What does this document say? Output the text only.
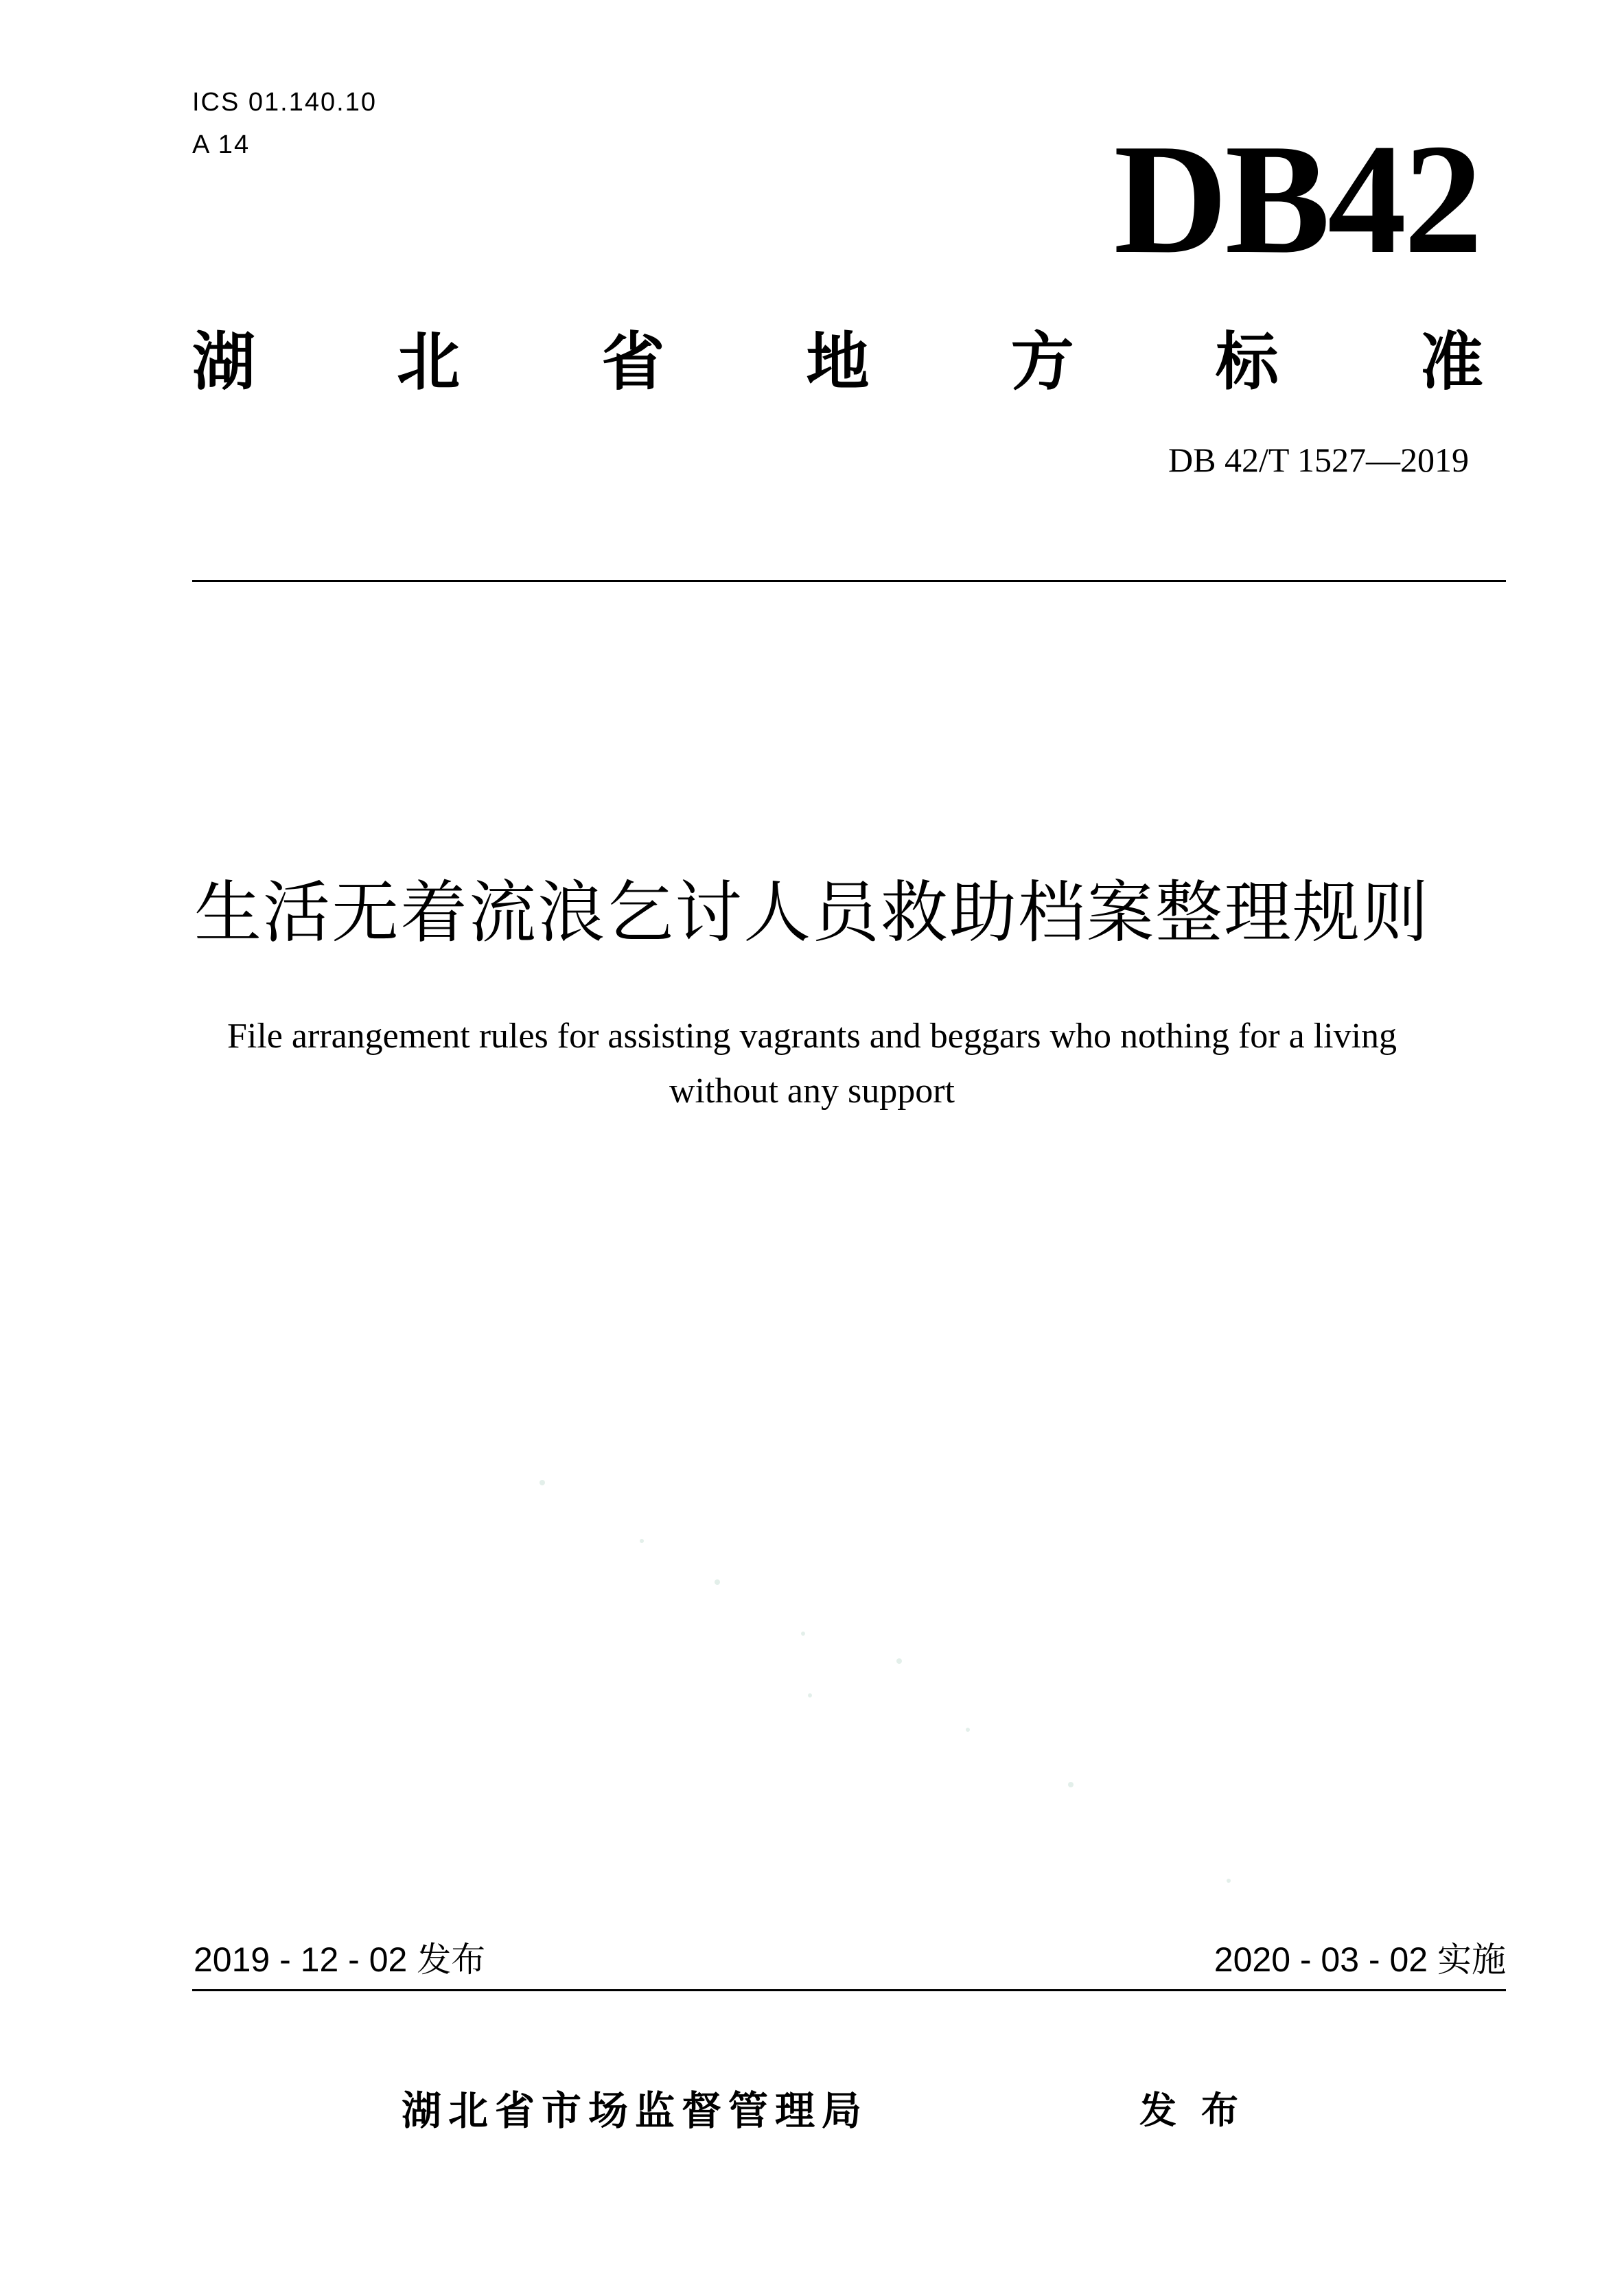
ICS 01.140.10
A 14	DB42
湖 北 省 地 方 标 准
DB 42/T 1527—2019
生活无着流浪乞讨人员救助档案整理规则
File arrangement rules for assisting vagrants and beggars who nothing for a living
without any support
2019 - 12 - 02 发布	2020 - 03 - 02 实施
湖北省市场监督管理局	发布
